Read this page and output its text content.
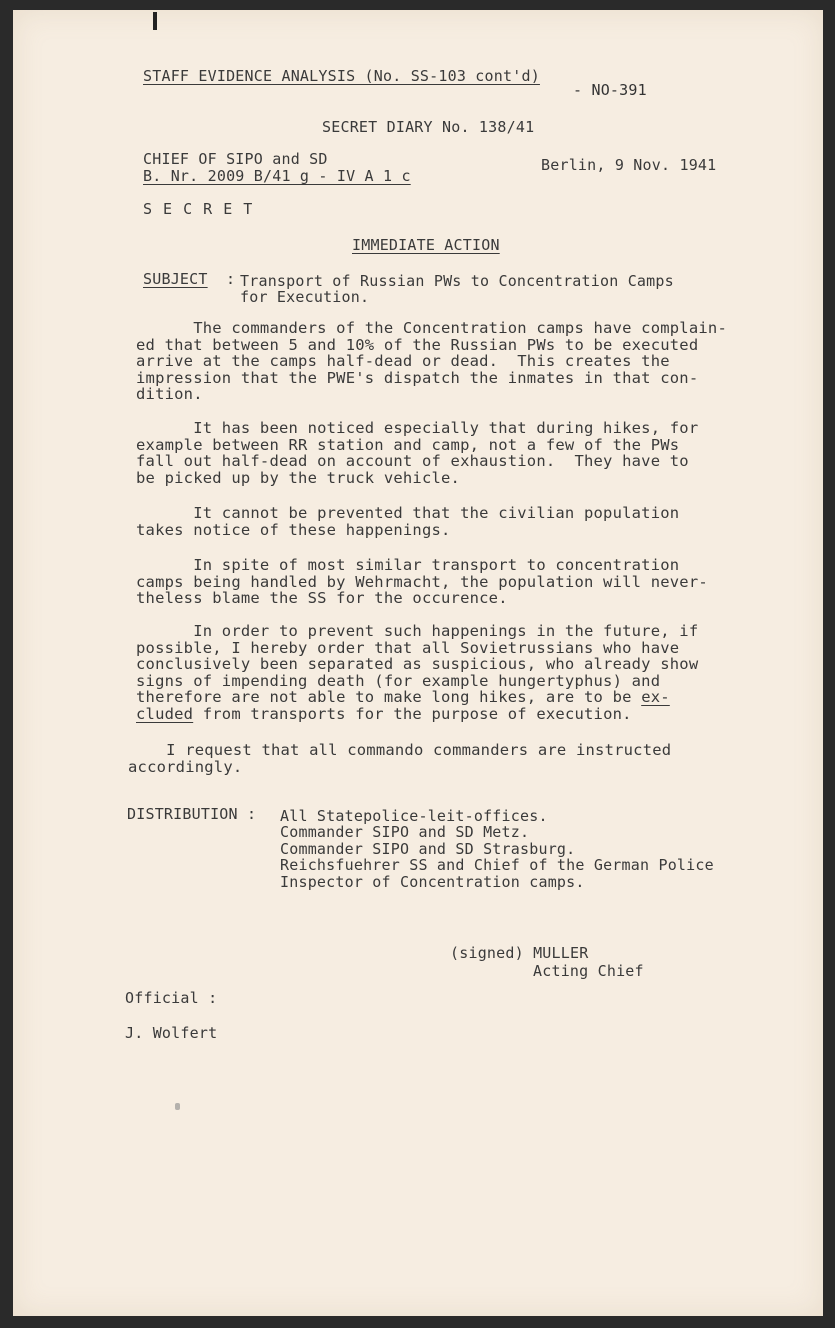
STAFF EVIDENCE ANALYSIS (No. SS-103 cont'd)
- NO-391
SECRET DIARY No. 138/41
CHIEF OF SIPO and SD
B. Nr. 2009 B/41 g - IV A 1 c
Berlin, 9 Nov. 1941
S E C R E T
IMMEDIATE ACTION
SUBJECT : Transport of Russian PWs to Concentration Camps
for Execution.
The commanders of the Concentration camps have complain-
ed that between 5 and 10% of the Russian PWs to be executed
arrive at the camps half-dead or dead.  This creates the
impression that the PWE's dispatch the inmates in that con-
dition.
It has been noticed especially that during hikes, for
example between RR station and camp, not a few of the PWs
fall out half-dead on account of exhaustion.  They have to
be picked up by the truck vehicle.
It cannot be prevented that the civilian population
takes notice of these happenings.
In spite of most similar transport to concentration
camps being handled by Wehrmacht, the population will never-
theless blame the SS for the occurence.
In order to prevent such happenings in the future, if
possible, I hereby order that all Sovietrussians who have
conclusively been separated as suspicious, who already show
signs of impending death (for example hungertyphus) and
therefore are not able to make long hikes, are to be ex-
cluded from transports for the purpose of execution.
I request that all commando commanders are instructed
accordingly.
DISTRIBUTION : All Statepolice-leit-offices.
Commander SIPO and SD Metz.
Commander SIPO and SD Strasburg.
Reichsfuehrer SS and Chief of the German Police
Inspector of Concentration camps.
(signed) MULLER
Acting Chief
Official :
J. Wolfert
